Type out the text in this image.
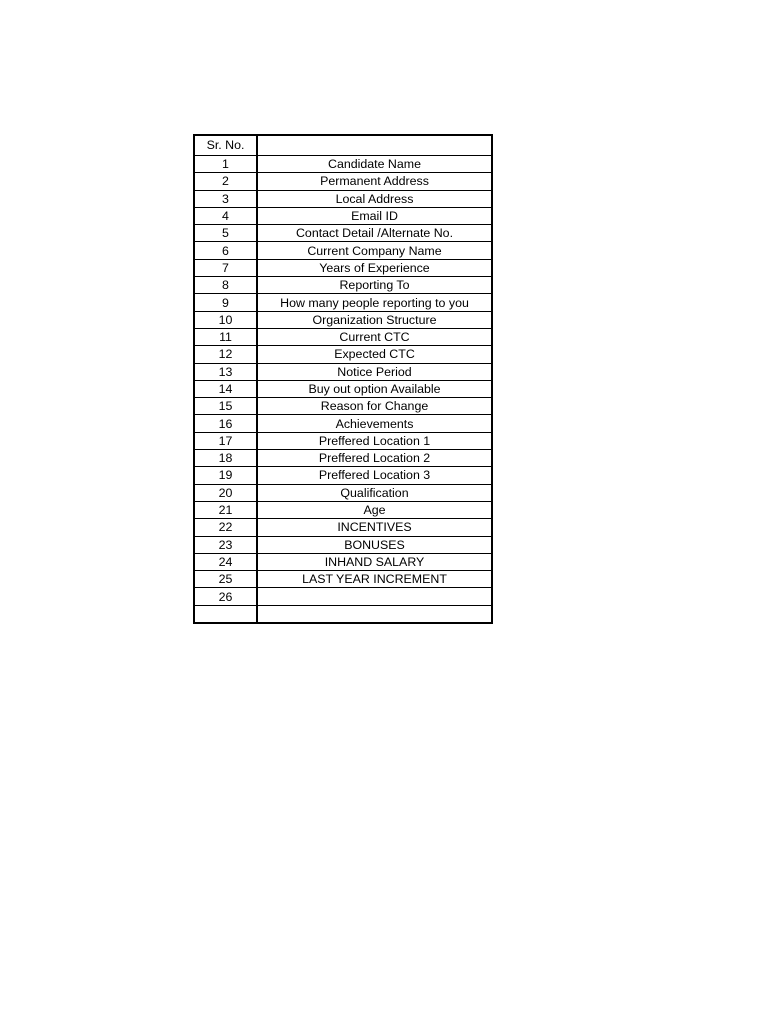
Sr. No.	
1	Candidate Name
2	Permanent Address
3	Local Address
4	Email ID
5	Contact Detail /Alternate No.
6	Current Company Name
7	Years of Experience
8	Reporting To
9	How many people reporting to you
10	Organization Structure
11	Current CTC
12	Expected CTC
13	Notice Period
14	Buy out option Available
15	Reason for Change
16	Achievements
17	Preffered Location 1
18	Preffered Location 2
19	Preffered Location 3
20	Qualification
21	Age
22	INCENTIVES
23	BONUSES
24	INHAND SALARY
25	LAST YEAR INCREMENT
26	
